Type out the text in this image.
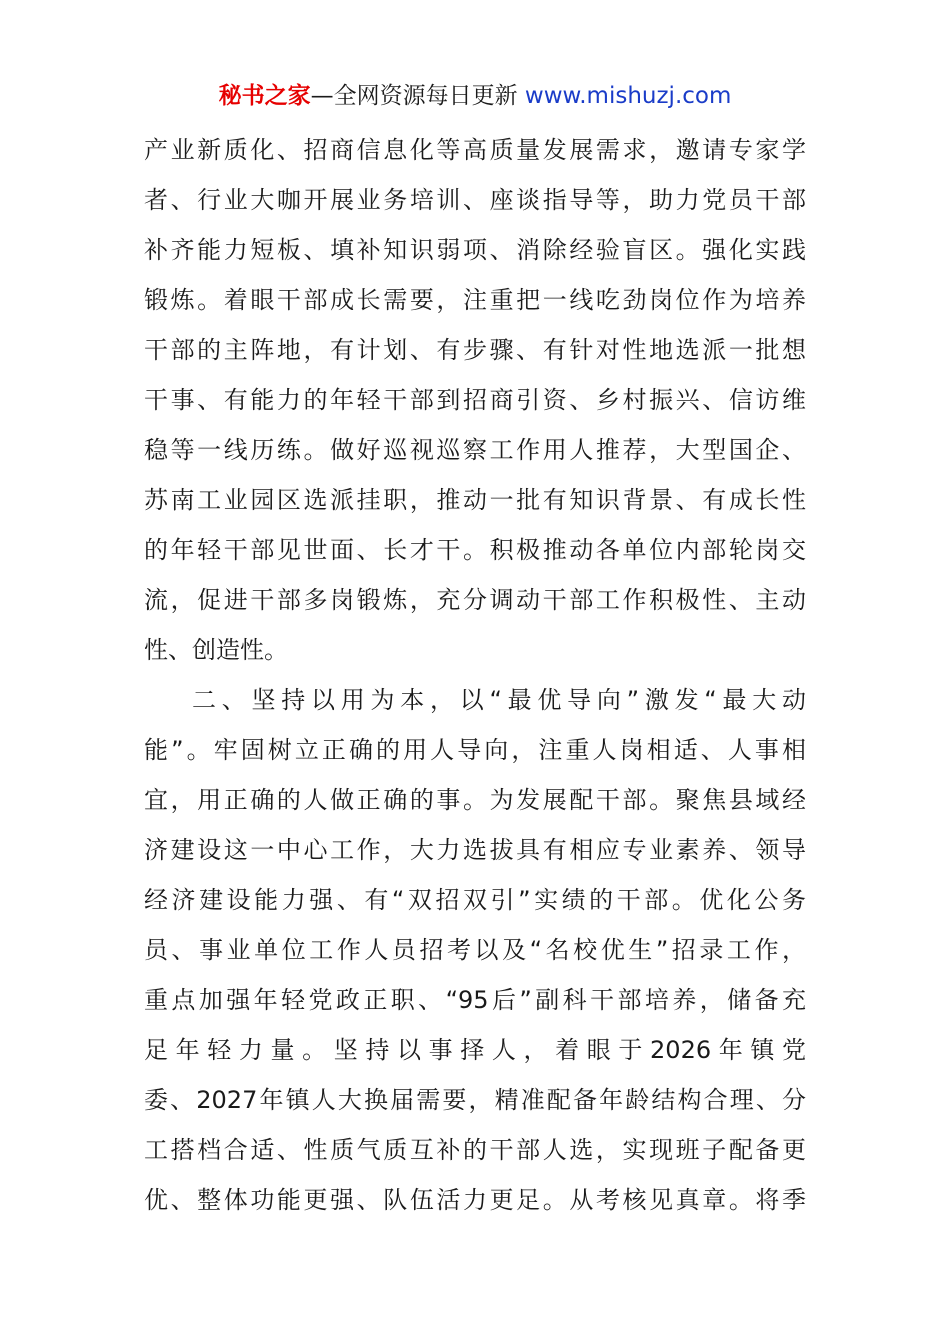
秘书之家—全网资源每日更新 www.mishuzj.com
产业新质化、招商信息化等高质量发展需求，邀请专家学
者、行业大咖开展业务培训、座谈指导等，助力党员干部
补齐能力短板、填补知识弱项、消除经验盲区。强化实践
锻炼。着眼干部成长需要，注重把一线吃劲岗位作为培养
干部的主阵地，有计划、有步骤、有针对性地选派一批想
干事、有能力的年轻干部到招商引资、乡村振兴、信访维
稳等一线历练。做好巡视巡察工作用人推荐，大型国企、
苏南工业园区选派挂职，推动一批有知识背景、有成长性
的年轻干部见世面、长才干。积极推动各单位内部轮岗交
流，促进干部多岗锻炼，充分调动干部工作积极性、主动
性、创造性。
二、坚持以用为本，以“最优导向”激发“最大动
能”。牢固树立正确的用人导向，注重人岗相适、人事相
宜，用正确的人做正确的事。为发展配干部。聚焦县域经
济建设这一中心工作，大力选拔具有相应专业素养、领导
经济建设能力强、有“双招双引”实绩的干部。优化公务
员、事业单位工作人员招考以及“名校优生”招录工作，
重点加强年轻党政正职、“95后”副科干部培养，储备充
足年轻力量。坚持以事择人，着眼于2026年镇党
委、2027年镇人大换届需要，精准配备年龄结构合理、分
工搭档合适、性质气质互补的干部人选，实现班子配备更
优、整体功能更强、队伍活力更足。从考核见真章。将季
